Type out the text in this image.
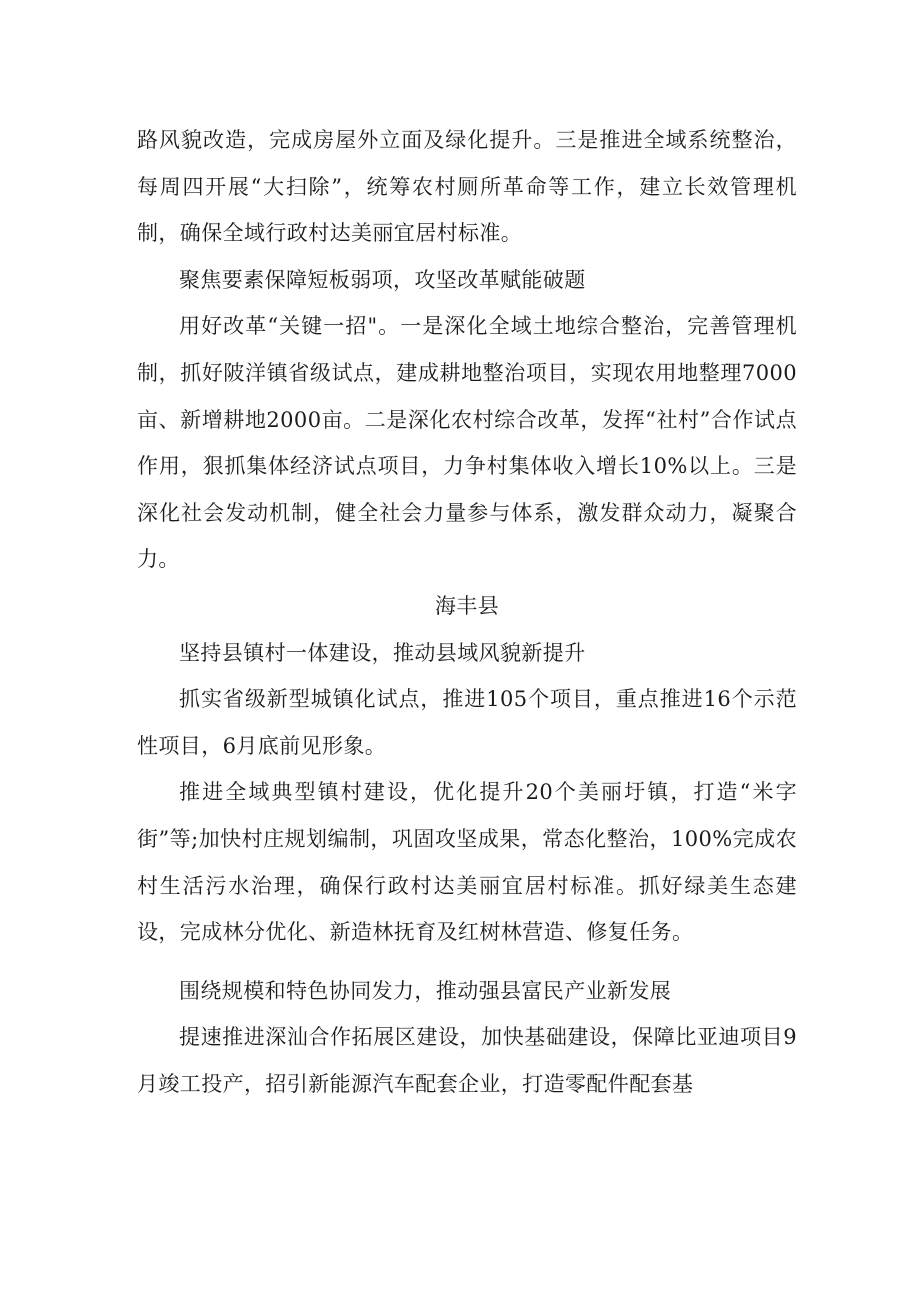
路风貌改造，完成房屋外立面及绿化提升。三是推进全域系统整治，每周四开展“大扫除”，统筹农村厕所革命等工作，建立长效管理机制，确保全域行政村达美丽宜居村标准。

聚焦要素保障短板弱项，攻坚改革赋能破题

用好改革“关键一招"。一是深化全域土地综合整治，完善管理机制，抓好陂洋镇省级试点，建成耕地整治项目，实现农用地整理7000亩、新增耕地2000亩。二是深化农村综合改革，发挥“社村”合作试点作用，狠抓集体经济试点项目，力争村集体收入增长10%以上。三是深化社会发动机制，健全社会力量参与体系，激发群众动力，凝聚合力。

海丰县

坚持县镇村一体建设，推动县域风貌新提升

抓实省级新型城镇化试点，推进105个项目，重点推进16个示范性项目，6月底前见形象。

推进全域典型镇村建设，优化提升20个美丽圩镇，打造“米字街”等;加快村庄规划编制，巩固攻坚成果，常态化整治，100%完成农村生活污水治理，确保行政村达美丽宜居村标准。抓好绿美生态建设，完成林分优化、新造林抚育及红树林营造、修复任务。

围绕规模和特色协同发力，推动强县富民产业新发展

提速推进深汕合作拓展区建设，加快基础建设，保障比亚迪项目9月竣工投产，招引新能源汽车配套企业，打造零配件配套基
